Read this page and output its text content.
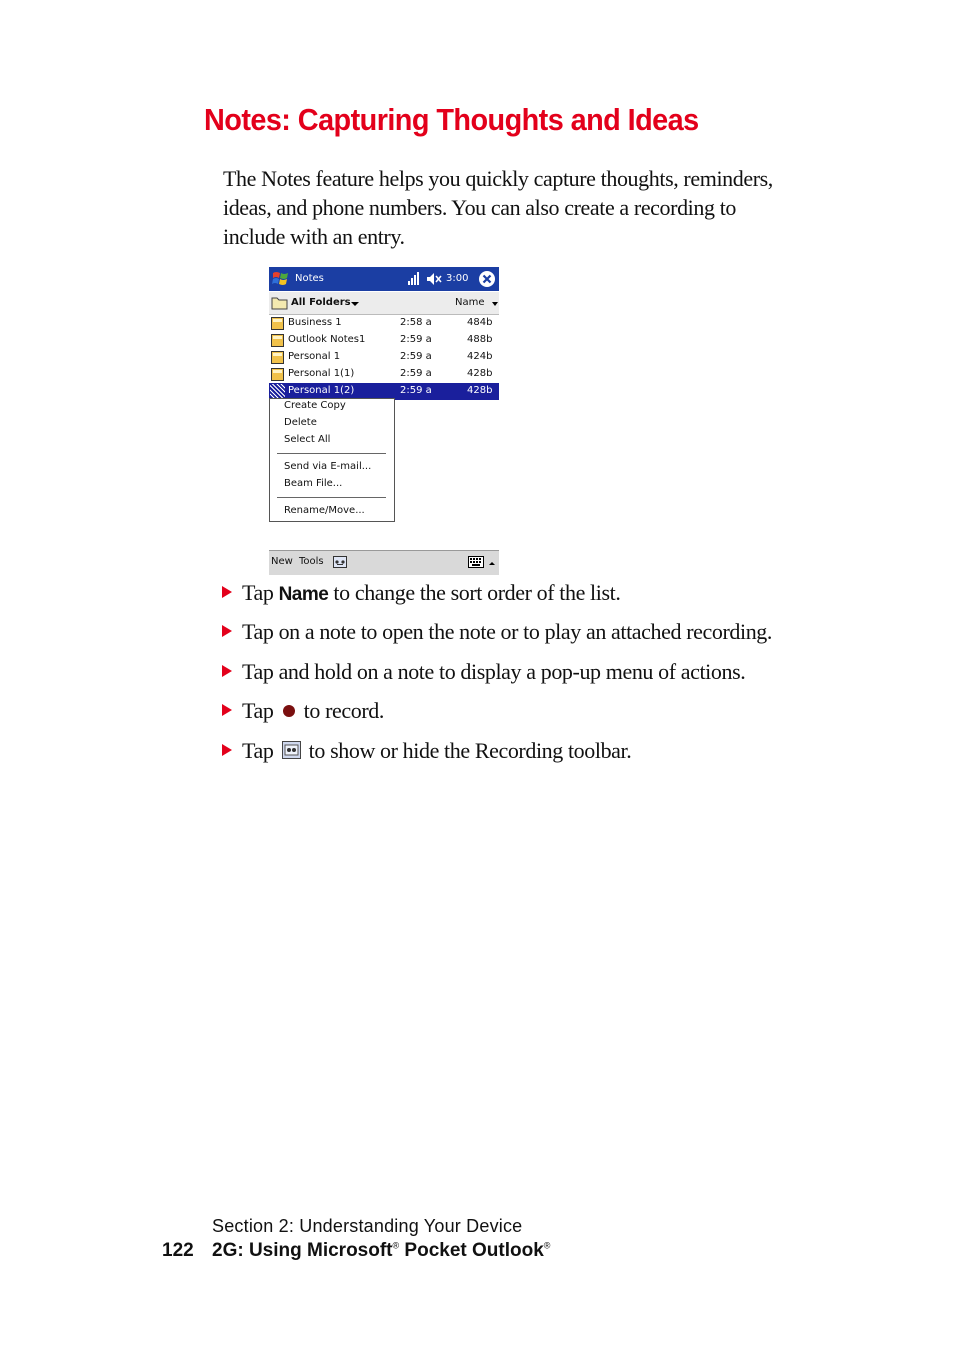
Notes: Capturing Thoughts and Ideas
The Notes feature helps you quickly capture thoughts, reminders, ideas, and phone numbers. You can also create a recording to include with an entry.
Notes	3:00
All Folders	Name
Business 1	2:58 a	484b
Outlook Notes1	2:59 a	488b
Personal 1	2:59 a	424b
Personal 1(1)	2:59 a	428b
Personal 1(2)	2:59 a	428b
Create Copy
Delete
Select All
Send via E-mail...
Beam File...
Rename/Move...
New Tools
Tap Name to change the sort order of the list.
Tap on a note to open the note or to play an attached recording.
Tap and hold on a note to display a pop-up menu of actions.
Tap  to record.
Tap  to show or hide the Recording toolbar.
Section 2: Understanding Your Device
122 2G: Using Microsoft® Pocket Outlook®
